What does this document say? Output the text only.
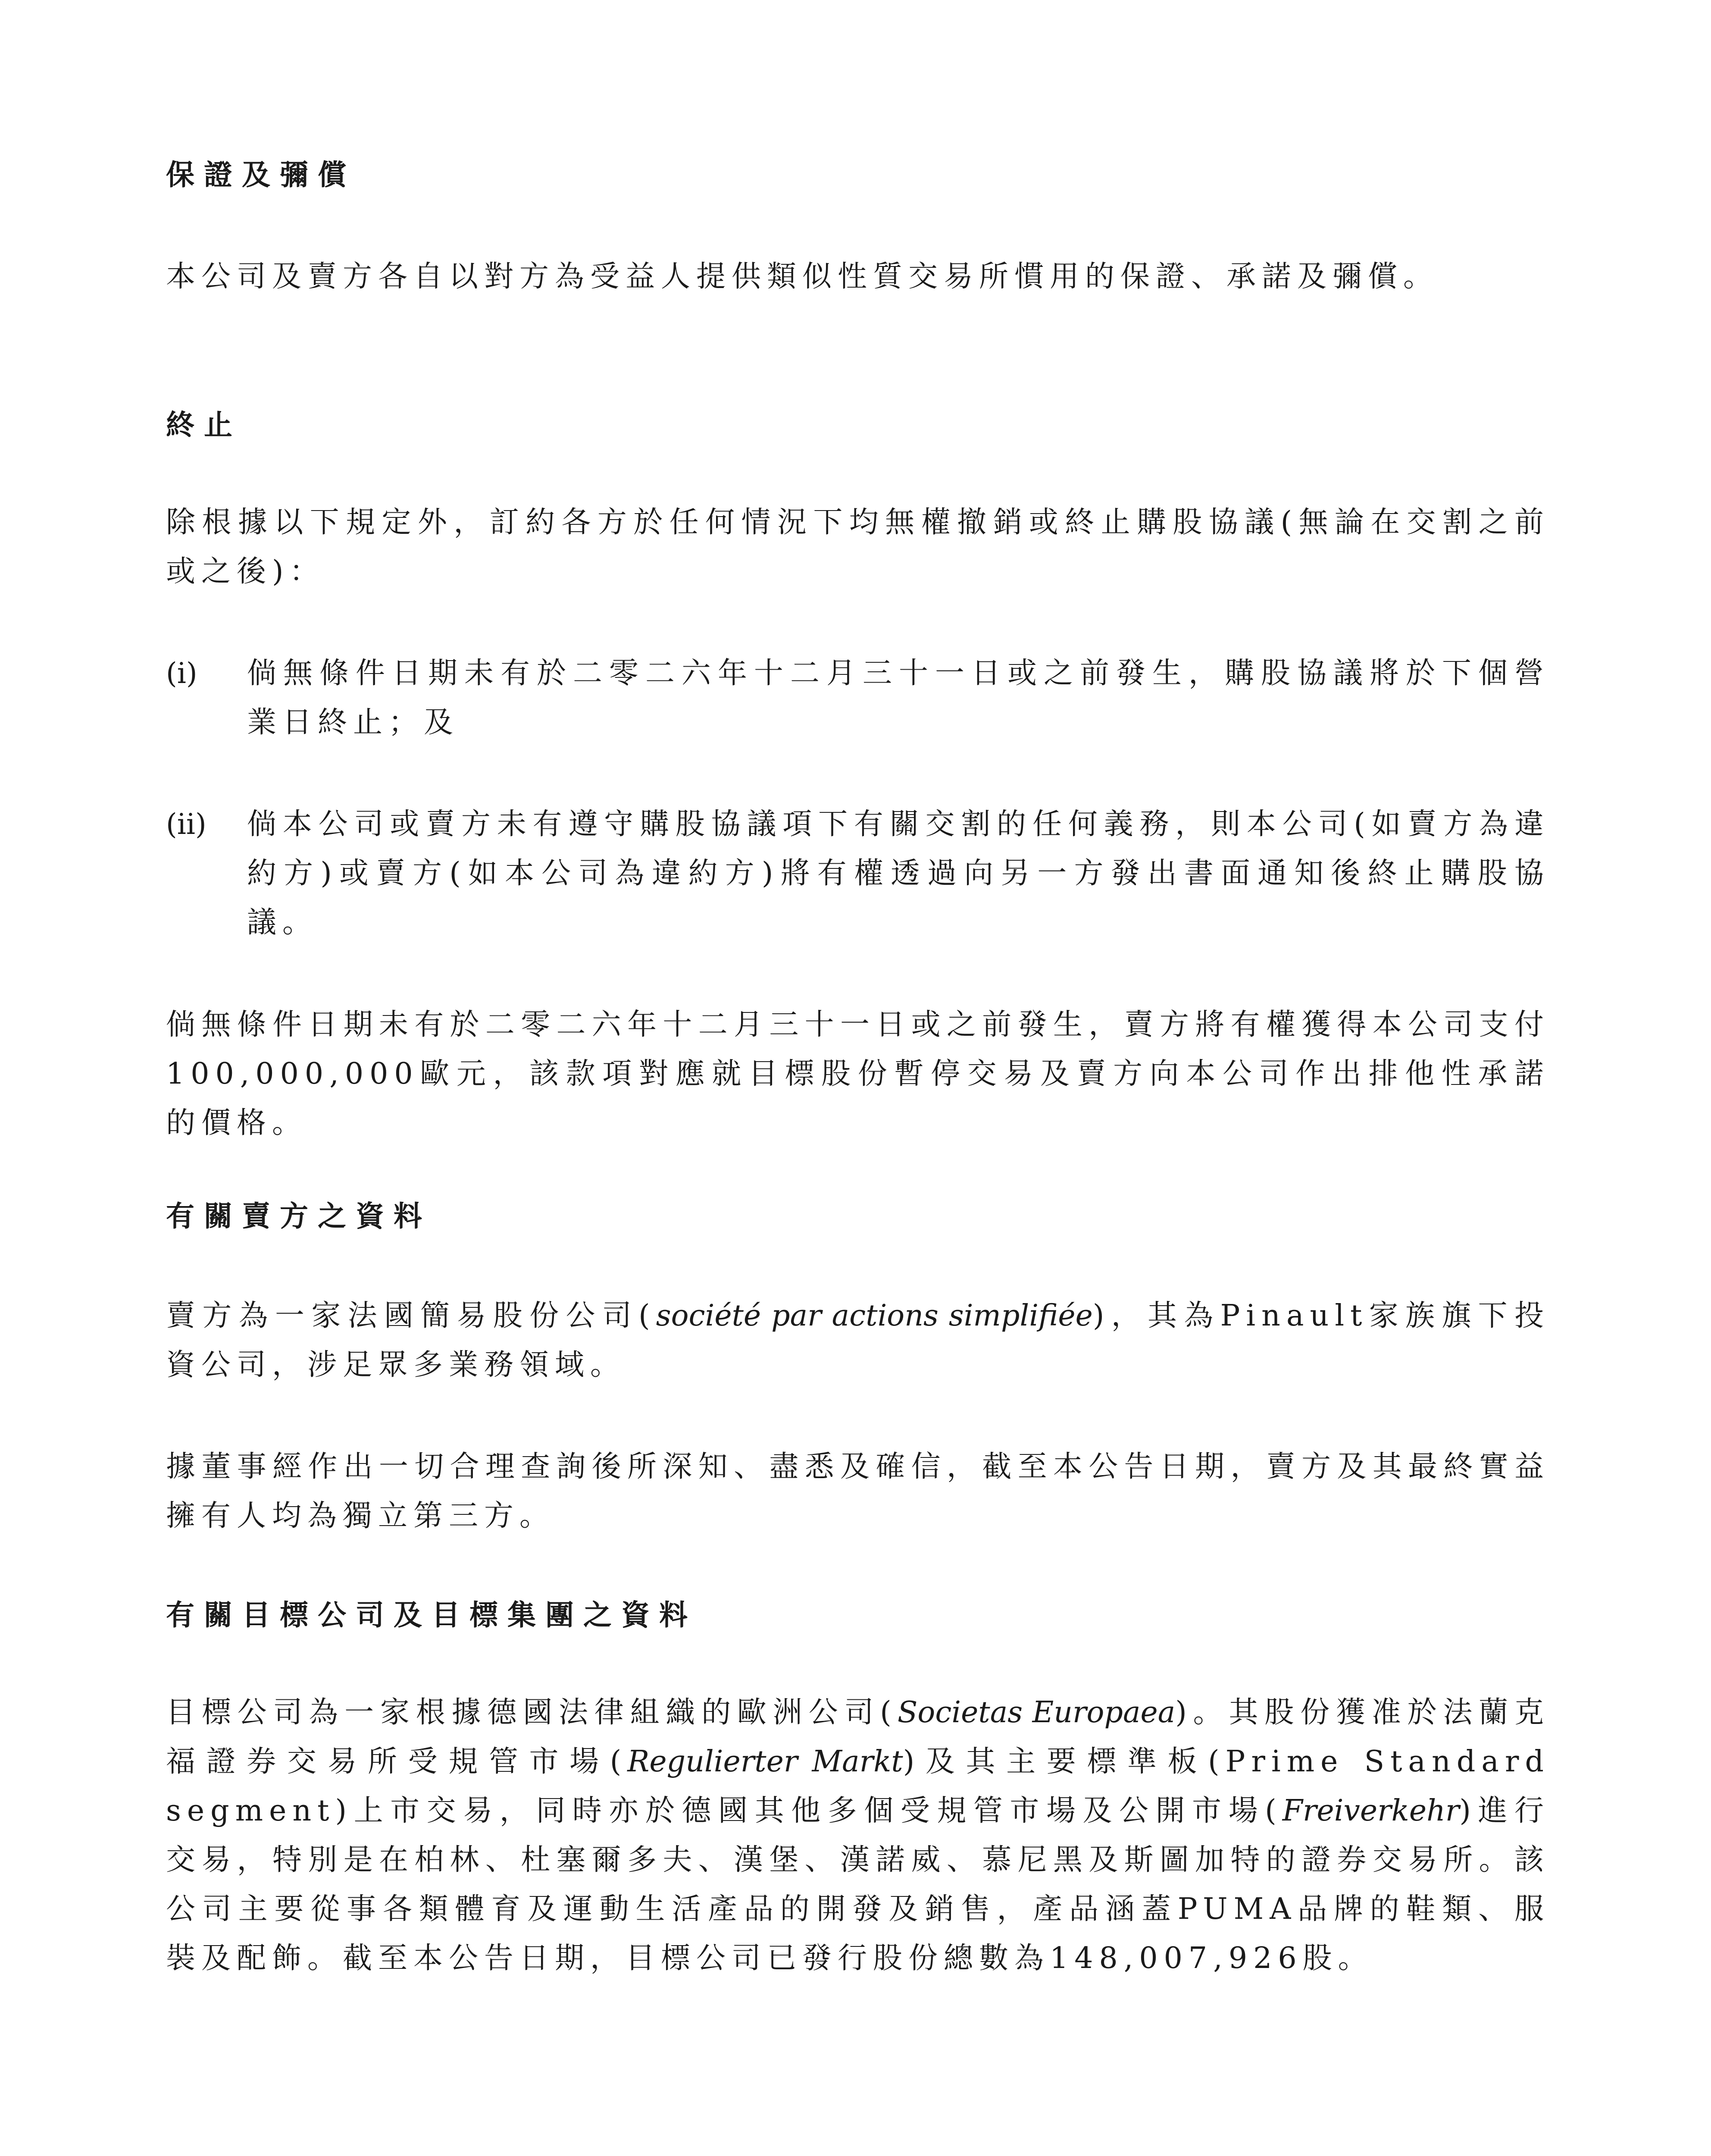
保證及彌償
本公司及賣方各自以對方為受益人提供類似性質交易所慣用的保證、承諾及彌償。
終止
除根據以下規定外，訂約各方於任何情況下均無權撤銷或終止購股協議(無論在交割之前或之後)：
(i) 倘無條件日期未有於二零二六年十二月三十一日或之前發生，購股協議將於下個營業日終止；及
(ii) 倘本公司或賣方未有遵守購股協議項下有關交割的任何義務，則本公司(如賣方為違約方)或賣方(如本公司為違約方)將有權透過向另一方發出書面通知後終止購股協議。
倘無條件日期未有於二零二六年十二月三十一日或之前發生，賣方將有權獲得本公司支付100,000,000歐元，該款項對應就目標股份暫停交易及賣方向本公司作出排他性承諾的價格。
有關賣方之資料
賣方為一家法國簡易股份公司(société par actions simplifiée)，其為Pinault家族旗下投資公司，涉足眾多業務領域。
據董事經作出一切合理查詢後所深知、盡悉及確信，截至本公告日期，賣方及其最終實益擁有人均為獨立第三方。
有關目標公司及目標集團之資料
目標公司為一家根據德國法律組織的歐洲公司(Societas Europaea)。其股份獲准於法蘭克福證券交易所受規管市場(Regulierter Markt)及其主要標準板(Prime Standard segment)上市交易，同時亦於德國其他多個受規管市場及公開市場(Freiverkehr)進行交易，特別是在柏林、杜塞爾多夫、漢堡、漢諾威、慕尼黑及斯圖加特的證券交易所。該公司主要從事各類體育及運動生活產品的開發及銷售，產品涵蓋PUMA品牌的鞋類、服裝及配飾。截至本公告日期，目標公司已發行股份總數為148,007,926股。
